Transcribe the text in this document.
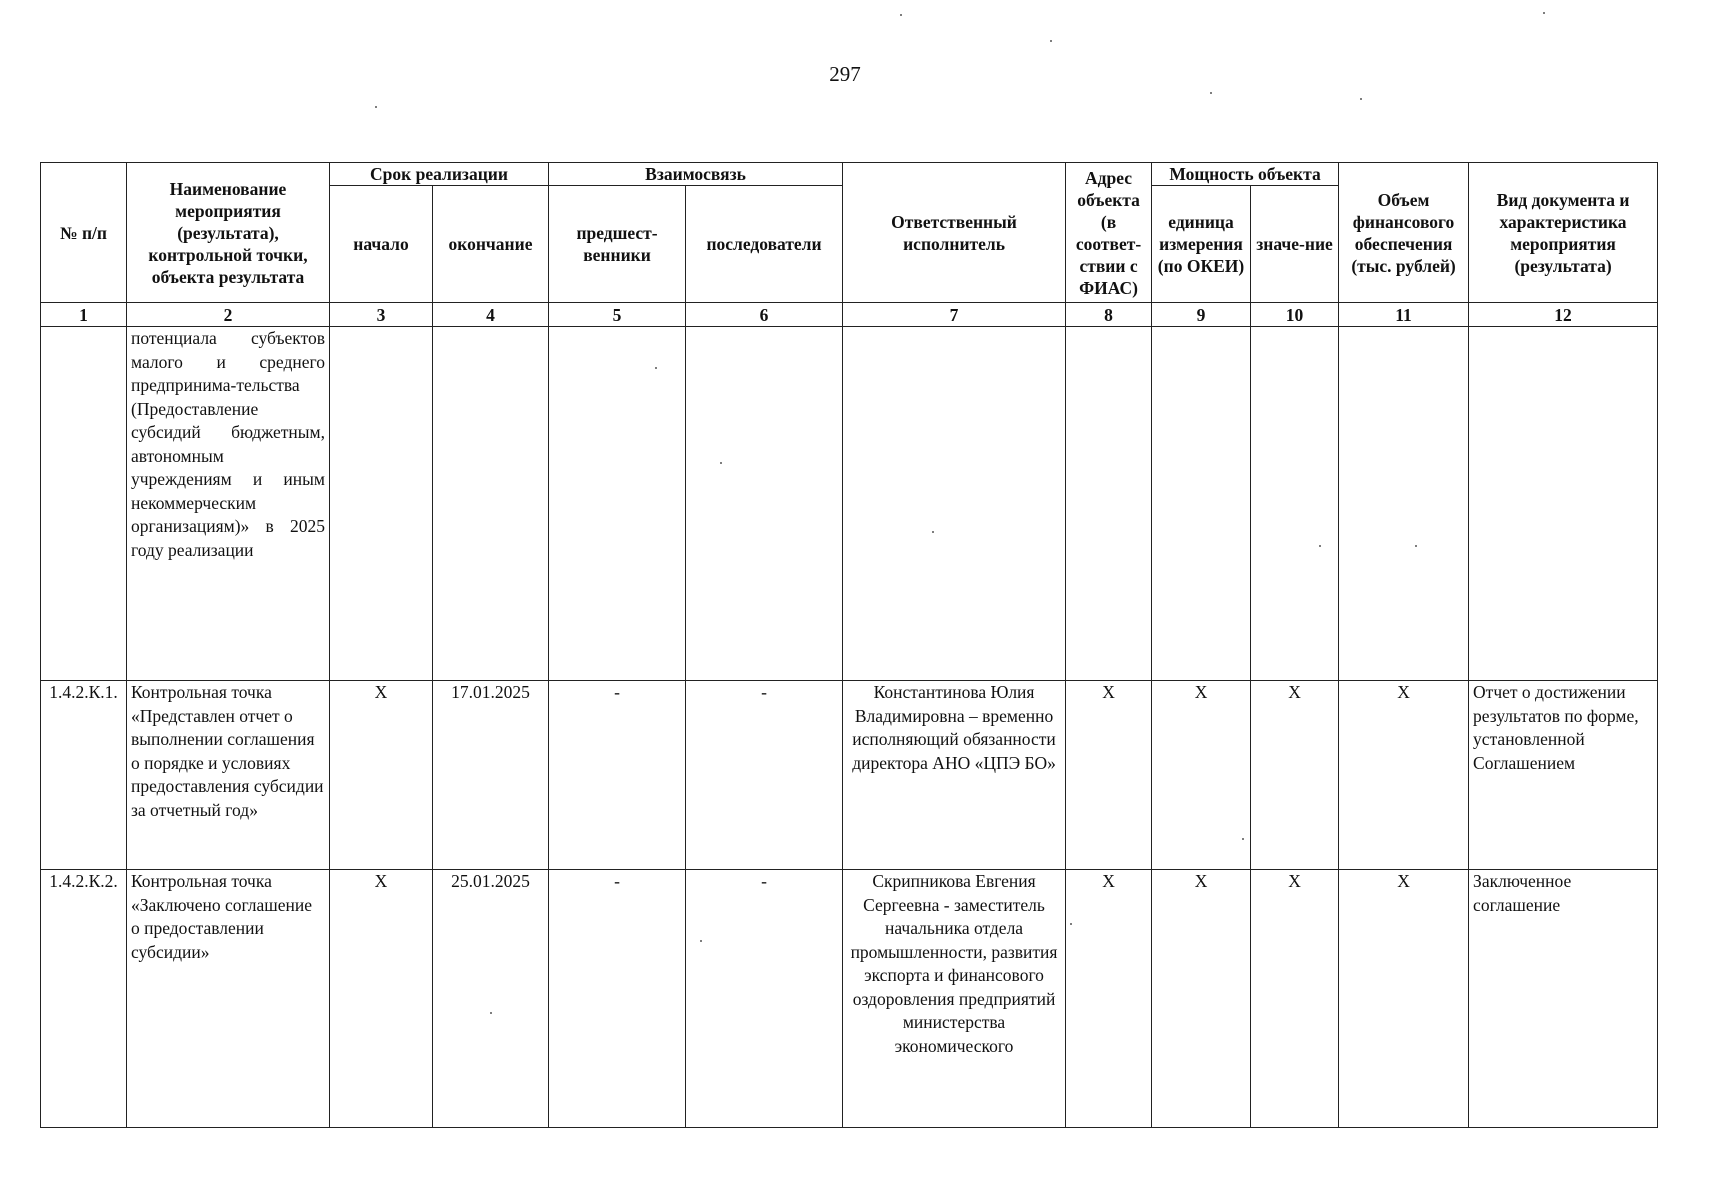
297
№ п/п	Наименование мероприятия (результата), контрольной точки, объекта результата	Срок реализации		Взаимосвязь		Ответственный исполнитель	Адрес объекта (в соответ-ствии с ФИАС)	Мощность объекта		Объем финансового обеспечения (тыс. рублей)	Вид документа и характеристика мероприятия (результата)
		начало	окончание	предшест-венники	последователи			единица измерения (по ОКЕИ)	значе-ние		
1	2	3	4	5	6	7	8	9	10	11	12
	потенциала субъектов малого и среднего предпринима-тельства (Предоставление субсидий бюджетным, автономным учреждениям и иным некоммерческим организациям)» в 2025 году реализации										
1.4.2.К.1.	Контрольная точка «Представлен отчет о выполнении соглашения о порядке и условиях предоставления субсидии за отчетный год»	X	17.01.2025	-	-	Константинова Юлия Владимировна – временно исполняющий обязанности директора АНО «ЦПЭ БО»	X	X	X	X	Отчет о достижении результатов по форме, установленной Соглашением
1.4.2.К.2.	Контрольная точка «Заключено соглашение о предоставлении субсидии»	X	25.01.2025	-	-	Скрипникова Евгения Сергеевна - заместитель начальника отдела промышленности, развития экспорта и финансового оздоровления предприятий министерства экономического	X	X	X	X	Заключенное соглашение
